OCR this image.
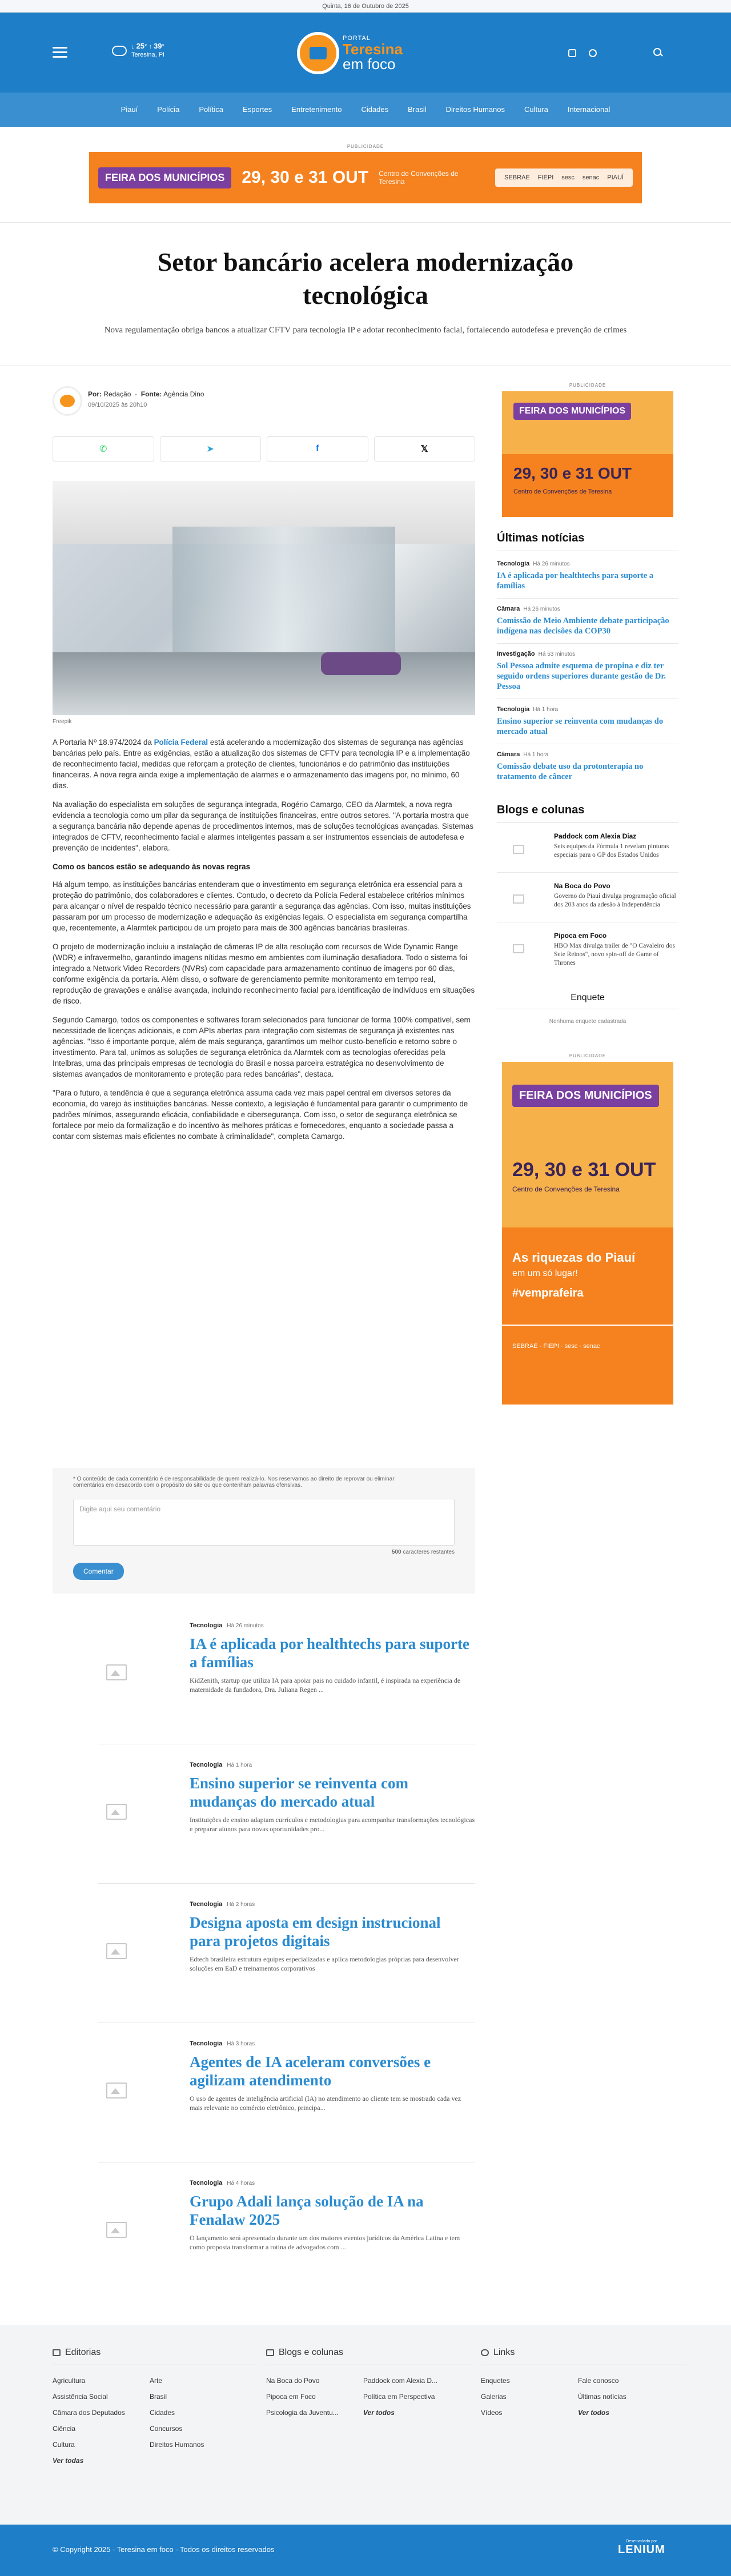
Quinta, 16 de Outubro de 2025
↓ 25° ↑ 39°
Teresina, PI
PORTAL
Teresina
em foco
Piauí	Polícia	Política	Esportes	Entretenimento	Cidades	Brasil	Direitos Humanos	Cultura	Internacional
PUBLICIDADE
FEIRA DOS MUNICÍPIOS	29, 30 e 31 OUT Centro de Convenções de Teresina	SEBRAE FIEPI sesc senac PIAUÍ
Setor bancário acelera modernização tecnológica

Nova regulamentação obriga bancos a atualizar CFTV para tecnologia IP e adotar reconhecimento facial, fortalecendo autodefesa e prevenção de crimes

Por: Redação  -  Fonte: Agência Dino
09/10/2025 às 20h10
✆	➤	f	𝕏
Freepik

A Portaria Nº 18.974/2024 da Polícia Federal está acelerando a modernização dos sistemas de segurança nas agências bancárias pelo país. Entre as exigências, estão a atualização dos sistemas de CFTV para tecnologia IP e a implementação de reconhecimento facial, medidas que reforçam a proteção de clientes, funcionários e do patrimônio das instituições financeiras. A nova regra ainda exige a implementação de alarmes e o armazenamento das imagens por, no mínimo, 60 dias.

Na avaliação do especialista em soluções de segurança integrada, Rogério Camargo, CEO da Alarmtek, a nova regra evidencia a tecnologia como um pilar da segurança de instituições financeiras, entre outros setores. "A portaria mostra que a segurança bancária não depende apenas de procedimentos internos, mas de soluções tecnológicas avançadas. Sistemas integrados de CFTV, reconhecimento facial e alarmes inteligentes passam a ser instrumentos essenciais de autodefesa e prevenção de incidentes", elabora.

Como os bancos estão se adequando às novas regras

Há algum tempo, as instituições bancárias entenderam que o investimento em segurança eletrônica era essencial para a proteção do patrimônio, dos colaboradores e clientes. Contudo, o decreto da Polícia Federal estabelece critérios mínimos para alcançar o nível de respaldo técnico necessário para garantir a segurança das agências. Com isso, muitas instituições passaram por um processo de modernização e adequação às exigências legais. O especialista em segurança compartilha que, recentemente, a Alarmtek participou de um projeto para mais de 300 agências bancárias brasileiras.

O projeto de modernização incluiu a instalação de câmeras IP de alta resolução com recursos de Wide Dynamic Range (WDR) e infravermelho, garantindo imagens nítidas mesmo em ambientes com iluminação desafiadora. Todo o sistema foi integrado a Network Video Recorders (NVRs) com capacidade para armazenamento contínuo de imagens por 60 dias, conforme exigência da portaria. Além disso, o software de gerenciamento permite monitoramento em tempo real, reprodução de gravações e análise avançada, incluindo reconhecimento facial para identificação de indivíduos em situações de risco.

Segundo Camargo, todos os componentes e softwares foram selecionados para funcionar de forma 100% compatível, sem necessidade de licenças adicionais, e com APIs abertas para integração com sistemas de segurança já existentes nas agências. "Isso é importante porque, além de mais segurança, garantimos um melhor custo-benefício e retorno sobre o investimento. Para tal, unimos as soluções de segurança eletrônica da Alarmtek com as tecnologias oferecidas pela Intelbras, uma das principais empresas de tecnologia do Brasil e nossa parceira estratégica no desenvolvimento de sistemas avançados de monitoramento e proteção para redes bancárias", destaca.

"Para o futuro, a tendência é que a segurança eletrônica assuma cada vez mais papel central em diversos setores da economia, do varejo às instituições bancárias. Nesse contexto, a legislação é fundamental para garantir o cumprimento de padrões mínimos, assegurando eficácia, confiabilidade e cibersegurança. Com isso, o setor de segurança eletrônica se fortalece por meio da formalização e do incentivo às melhores práticas e fornecedores, enquanto a sociedade passa a contar com sistemas mais eficientes no combate à criminalidade", completa Camargo.

* O conteúdo de cada comentário é de responsabilidade de quem realizá-lo. Nos reservamos ao direito de reprovar ou eliminar
comentários em desacordo com o propósito do site ou que contenham palavras ofensivas.
Digite aqui seu comentário
500 caracteres restantes
Comentar
Tecnologia Há 26 minutos
IA é aplicada por healthtechs para suporte a famílias
KidZenith, startup que utiliza IA para apoiar pais no cuidado infantil, é inspirada na experiência de maternidade da fundadora, Dra. Juliana Regen ...
Tecnologia Há 1 hora
Ensino superior se reinventa com mudanças do mercado atual
Instituições de ensino adaptam currículos e metodologias para acompanhar transformações tecnológicas e preparar alunos para novas oportunidades pro...
Tecnologia Há 2 horas
Designa aposta em design instrucional para projetos digitais
Edtech brasileira estrutura equipes especializadas e aplica metodologias próprias para desenvolver soluções em EaD e treinamentos corporativos
Tecnologia Há 3 horas
Agentes de IA aceleram conversões e agilizam atendimento
O uso de agentes de inteligência artificial (IA) no atendimento ao cliente tem se mostrado cada vez mais relevante no comércio eletrônico, principa...
Tecnologia Há 4 horas
Grupo Adali lança solução de IA na Fenalaw 2025
O lançamento será apresentado durante um dos maiores eventos jurídicos da América Latina e tem como proposta transformar a rotina de advogados com ...
PUBLICIDADE
FEIRA DOS MUNICÍPIOS
29, 30 e 31 OUT
Centro de Convenções de Teresina
Últimas notícias
Tecnologia Há 26 minutos
IA é aplicada por healthtechs para suporte a famílias
Câmara Há 26 minutos
Comissão de Meio Ambiente debate participação indígena nas decisões da COP30
Investigação Há 53 minutos
Sol Pessoa admite esquema de propina e diz ter seguido ordens superiores durante gestão de Dr. Pessoa
Tecnologia Há 1 hora
Ensino superior se reinventa com mudanças do mercado atual
Câmara Há 1 hora
Comissão debate uso da protonterapia no tratamento de câncer
Blogs e colunas
Paddock com Alexia Diaz
Seis equipes da Fórmula 1 revelam pinturas especiais para o GP dos Estados Unidos
Na Boca do Povo
Governo do Piauí divulga programação oficial dos 203 anos da adesão à Independência
Pipoca em Foco
HBO Max divulga trailer de "O Cavaleiro dos Sete Reinos", novo spin-off de Game of Thrones
Enquete
Nenhuma enquete cadastrada
PUBLICIDADE
FEIRA DOS MUNICÍPIOS
29, 30 e 31 OUT
Centro de Convenções de Teresina
As riquezas do Piauí
em um só lugar!
#vemprafeira
SEBRAE · FIEPI · sesc · senac
Editorias
Agricultura	Arte
Assistência Social	Brasil
Câmara dos Deputados	Cidades
Ciência	Concursos
Cultura	Direitos Humanos
Ver todas
Blogs e colunas
Na Boca do Povo	Paddock com Alexia D...
Pipoca em Foco	Política em Perspectiva
Psicologia da Juventu...	Ver todos
Links
Enquetes	Fale conosco
Galerias	Últimas notícias
Vídeos	Ver todos
© Copyright 2025 - Teresina em foco - Todos os direitos reservados
Desenvolvido por
LENIUM
